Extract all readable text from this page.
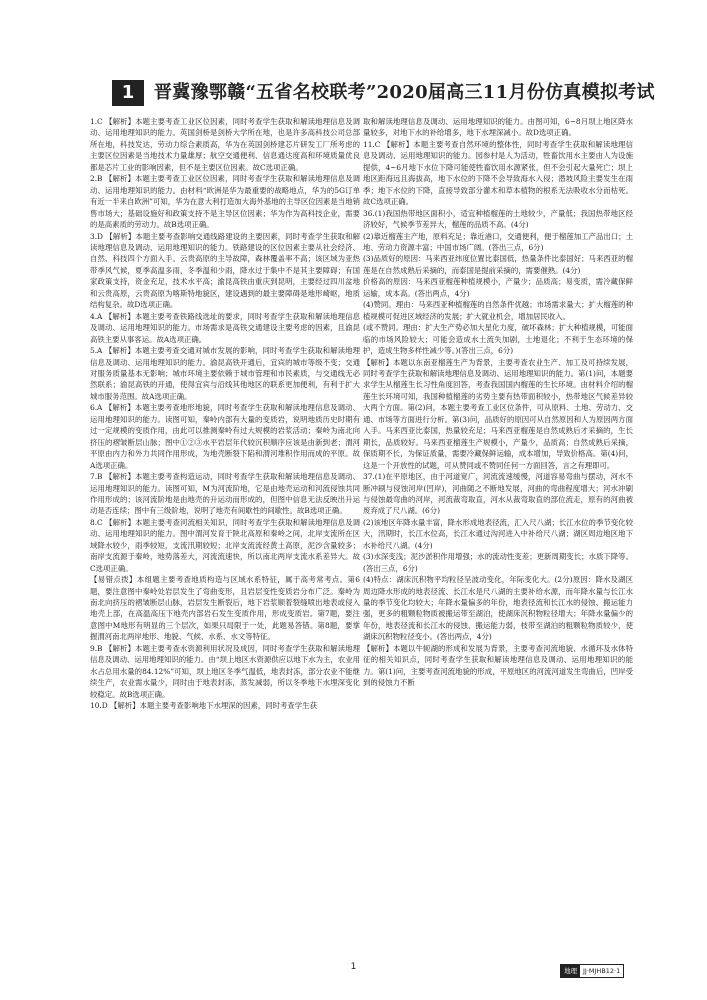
1	晋冀豫鄂赣“五省名校联考”2020届高三11月份仿真模拟考试

1.C 【解析】本题主要考查工业区位因素，同时考查学生获取和解读地理信息及调动、运用地理知识的能力。英国剑桥是剑桥大学所在地，也是许多高科技公司总部所在地，科技发达，劳动力综合素质高，华为在英国剑桥建芯片研发工厂所考虑的主要区位因素是当地技术力量雄厚；航空交通便利、信息通达度高和环境质量优良都是芯片工业的影响因素，但不是主要区位因素。故C选项正确。

2.B 【解析】本题主要考查工业区位因素，同时考查学生获取和解读地理信息及调动、运用地理知识的能力。由材料“欧洲是华为最重要的战略地点，华为的5G订单有近一半来自欧洲”可知，华为在意大利打造加大海外基地的主导区位因素是当地销售市场大；基础设施好和政策支持不是主导区位因素；华为作为高科技企业，需要的是高素质的劳动力。故B选项正确。

3.D 【解析】本题主要考查影响交通线路建设的主要因素，同时考查学生获取和解读地理信息及调动、运用地理知识的能力。铁路建设的区位因素主要从社会经济、自然、科技四个方面入手。云贵高原的主导故障，森林覆盖率不高；该区域为亚热带季风气候，夏季高温多雨，冬季温和少雨，降水过于集中不是其主要障碍；有国家政策支持，资金充足，技术水平高；渝昆高铁由重庆到昆明，主要经过四川盆地和云贵高原，云贵高原为喀斯特地貌区，建设遇到的最主要障碍是地形崎岖，地质结构复杂。故D选项正确。

4.A 【解析】本题主要考查铁路线选址的要求，同时考查学生获取和解读地理信息及调动、运用地理知识的能力。市场需求是高铁交通建设主要考虑的因素，且渝昆高铁主要从事客运。故A选项正确。

5.A 【解析】本题主要考查交通对城市发展的影响，同时考查学生获取和解读地理信息及调动、运用地理知识的能力。渝昆高铁开通后，宜宾的城市等级不变；交通对服务质量基本无影响；城市环境主要依赖于城市管理和市民素质，与交通线无必然联系；渝昆高铁的开通，使得宜宾与沿线其他地区的联系更加便利，有利于扩大城市服务范围。故A选项正确。

6.A 【解析】本题主要考查地形地貌，同时考查学生获取和解读地理信息及调动、运用地理知识的能力。读图可知，秦岭内部有大量的变质岩，说明地质历史时期有过一定规模的变质作用，由此可以推测秦岭有过大规模的岩浆活动；秦岭为南北向挤压的褶皱断层山脉；图中①②③水平岩层年代较沉积顺序应该是由新到老；渭河平原由内力和外力共同作用形成，为地壳断裂下陷和渭河堆积作用而成的平原。故A选项正确。

7.B 【解析】本题主要考查构造运动，同时考查学生获取和解读地理信息及调动、运用地理知识的能力。读图可知，M为河流阶地，它是由地壳运动和河流侵蚀共同作用形成的；该河流阶地是由地壳的升运动而形成的，但图中信息无法反映出升运动是否连续；图中有三级阶地，说明了地壳有间歇性的间歇性。故B选项正确。

8.C 【解析】本题主要考查河流相关知识，同时考查学生获取和解读地理信息及调动、运用地理知识的能力。图中渭河发育于陕北高原和秦岭之间，北岸支流所在区域降水较少，雨季较短，支流汛期较短；北岸支流流经黄土高原，泥沙含量较多；南岸支流源于秦岭，地势落差大，河流流速快，所以南北两岸支流水系差异大。故C选项正确。

【易错点拨】本组题主要考查地质构造与区域水系特征，属于高考常考点。第6题，要注意图中秦岭处岩层发生了弯曲变形，且岩层变性变质岩分布广泛。秦岭为南北向挤压的褶皱断层山脉，岩层发生断裂后，地下岩浆顺着裂缝喷出地表或侵入地壳上部，在高温高压下地壳内部岩石发生变质作用，形成变质岩。第7题，要注意图中M地形有明显的三个层次，如果只局限于一处，此题易答错。第8题，要掌握渭河南北两岸地形、地貌、气候、水系、水文等特征。

9.B 【解析】本题主要考查水资源利用状况及成因，同时考查学生获取和解读地理信息及调动、运用地理知识的能力。由“坝上地区水资源供应以地下水为主，农业用水占总用水量的84.12%”可知，坝上地区冬季气温低，地表封冻，部分农业不能继续生产，农业需水量少，同时由于地表封冻，蒸发减弱，所以冬季地下水埋深变化较稳定。故B选项正确。

10.D 【解析】本题主要考查影响地下水埋深的因素，同时考查学生获

取和解读地理信息及调动、运用地理知识的能力。由图可知，6~8月坝上地区降水量较多，对地下水的补给增多，地下水埋深减小。故D选项正确。

11.C 【解析】本题主要考查自然环境的整体性，同时考查学生获取和解读地理信息及调动、运用地理知识的能力。园参村是人为活动，牲畜饮用水主要由人为设施提供，4~6月地下水位下降可能使牲畜饮用水源紧张，但不会引起大量死亡；坝上地区距海远且海拔高，地下水位的下降不会导致海水入侵；潜坡风险主要发生在雨季；地下水位的下降，直接导致部分灌木和草本植物的根系无法吸收水分而枯死。故C选项正确。

36.(1)我国热带地区面积小，适宜种植榴莲的土地较少，产量低；我国热带地区经济较好，气候季节差异大，榴莲的品质不高。(4分)

(2)靠近榴莲主产地，原料充足；靠近港口，交通便利，便于榴莲加工产品出口；土地、劳动力资源丰富；中国市场广阔。(答出三点，6分)

(3)品质好的原因：马来西亚纬度位置比泰国低，热量条件比泰国好；马来西亚的榴莲是在自然成熟后采摘的，而泰国是提前采摘的，需要催熟。(4分)

价格高的原因：马来西亚榴莲种植规模小，产量少；品质高；易变质，需冷藏保鲜运输，成本高。(答出两点，4分)

(4)赞同。理由：马来西亚种植榴莲的自然条件优越；市场需求量大；扩大榴莲的种植规模可促进区域经济的发展；扩大就业机会，增加居民收入。

(或不赞同。理由：扩大生产势必加大星化力度，破坏森林；扩大种植规模，可能面临的市场风险较大；可能会造成水土流失加剧，土地退化；不利于生态环境的保护，造成生物多样性减少等。)(答出三点，6分)

【解析】本题以东南亚榴莲生产为背景，主要考查农业生产、加工及可持续发展，同时考查学生获取和解读地理信息及调动、运用地理知识的能力。第(1)问，本题要求学生从榴莲生长习性角度回答，考查我国国内榴莲的生长环境。由材料介绍的榴莲生长环境可知，我国种植榴莲的劣势主要有热带面积较小，热带地区气候差异较大两个方面。第(2)问，本题主要考查工业区位条件，可从原料、土地、劳动力、交通、市场等方面进行分析。第(3)问，品质好的原因可从自然原因和人为原因两方面入手。马来西亚比泰国，热量较充足；马来西亚榴莲是自然成熟后才采摘的，生长期长，品质较好。马来西亚榴莲生产规模小，产量少，品质高；自然成熟后采摘，保质期不长，为保证质量，需要冷藏保鲜运输，成本增加，导致价格高。第(4)问，这是一个开放性的试题，可从赞同或不赞同任何一方面回答，言之有理即可。

37.(1)在平原地区，由于河道宽广，河流流速缓慢，河道容易弯曲与摆动，河水不断冲刷与侵蚀河岸(凹岸)，河曲随之不断地发展，河曲的弯曲程度增大；河水冲刷与侵蚀最弯曲的河岸，河流裁弯取直，河水从裁弯取直的部位流走，原有的河曲被废弃成了尺八湖。(6分)

(2)该地区年降水量丰富，降水形成地表径流，汇入尺八湖；长江水位的季节变化较大，汛期时，长江水位高，长江水通过沟河进入中补给尺八湖；湖区周边地区地下水补给尺八湖。(4分)

(3)水深变浅；泥沙淤积作用增强；水的流动性变差；更新周期变长；水质下降等。(答出三点，6分)

(4)特点：湖床沉积物平均粒径呈波动变化，年际变化大。(2分)原因：降水及湖区周边降水形成的地表径流、长江水是尺八湖的主要补给水源，而年降水量与长江水量的季节变化均较大；年降水量偏多的年份，地表径流和长江水的侵蚀、搬运能力强，更多的粗颗粒物质被搬运带至湖泊，使湖床沉积物粒径增大；年降水量偏少的年份，地表径流和长江水的侵蚀、搬运能力弱，枝带至湖泊的粗颗粒物质较少，使湖床沉积物粒径变小。(答出两点，4分)

【解析】本题以牛轭湖的形成和发展为背景，主要考查河流地貌、水循环及水体特征的相关知识点，同时考查学生获取和解读地理信息及调动、运用地理知识的能力。第(1)问，主要考查河流地貌的形成，平原地区的河流河道发生弯曲后，凹岸受到的侵蚀力不断

1	地理 JJ·MJHB12·1
